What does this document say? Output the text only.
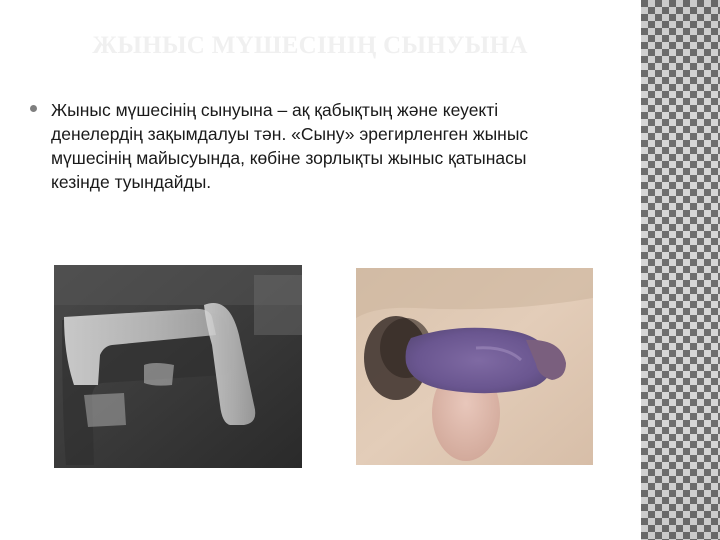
ЖЫНЫС МҮШЕСІНІҢ СЫНУЫНА

Жыныс мүшесінің сынуына – ақ қабықтың және кеуекті
денелердің зақымдалуы тән. «Сыну» эрегирленген жыныс
мүшесінің майысуында, көбіне зорлықты жыныс қатынасы
кезінде туындайды.
